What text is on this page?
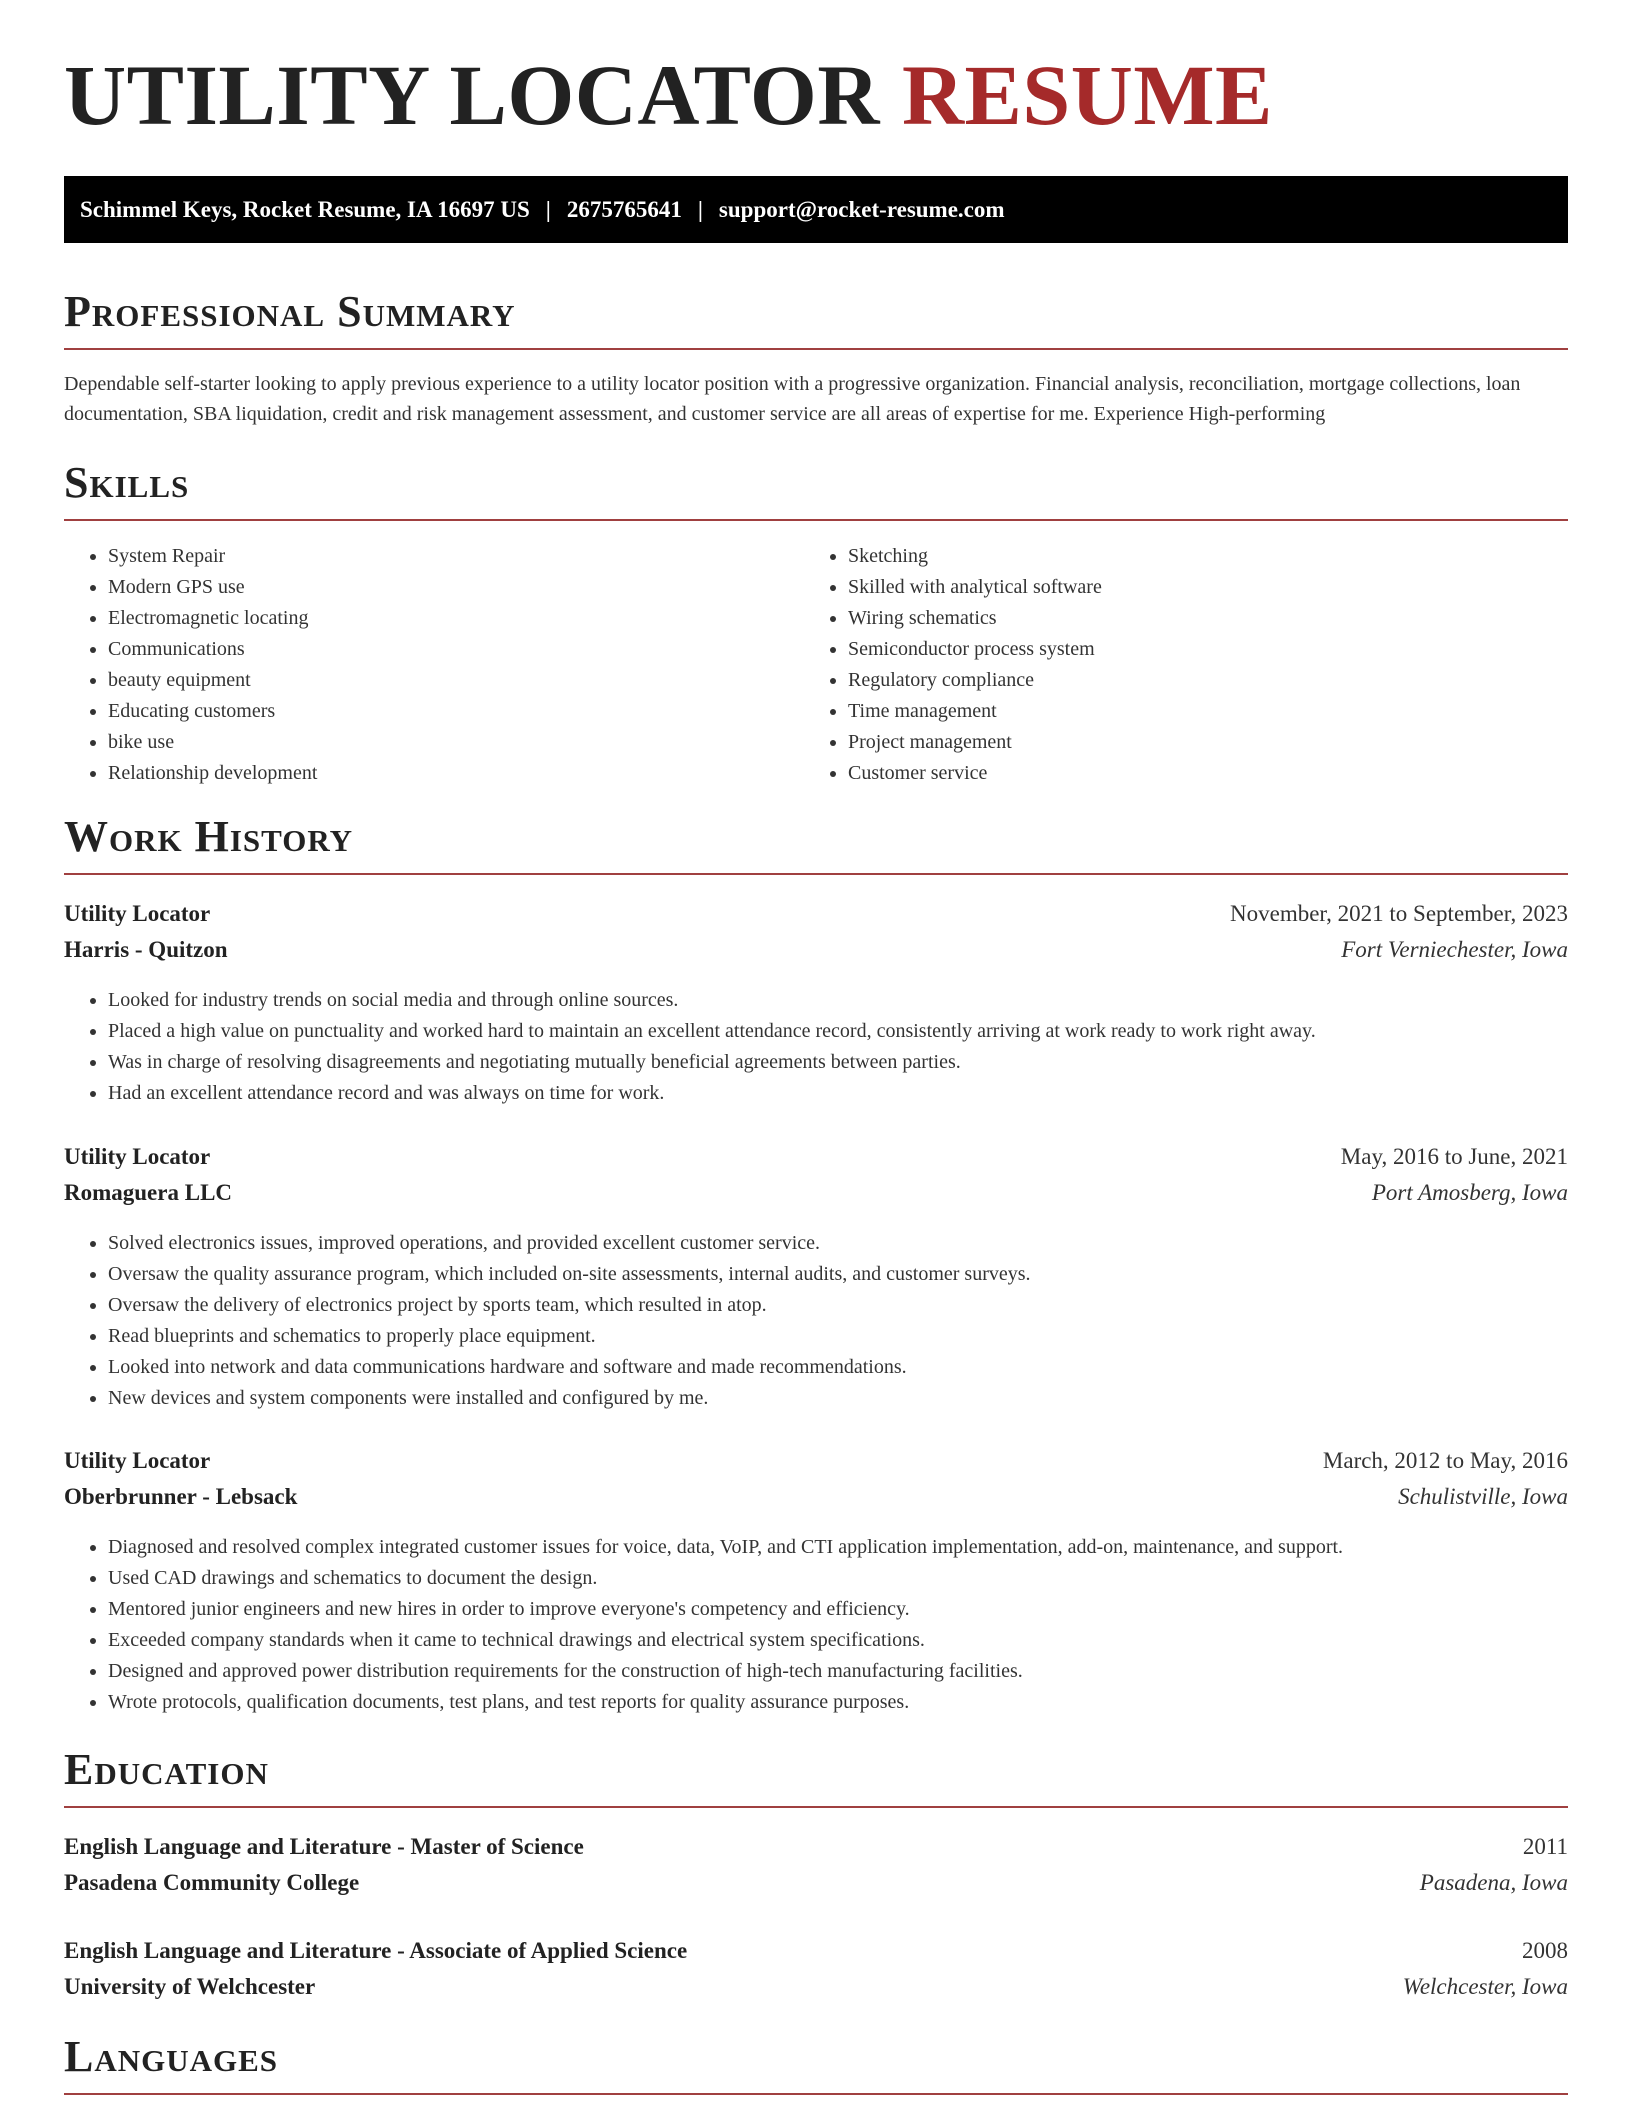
UTILITY LOCATOR RESUME
Schimmel Keys, Rocket Resume, IA 16697 US | 2675765641 | support@rocket-resume.com
Professional Summary

Dependable self-starter looking to apply previous experience to a utility locator position with a progressive organization. Financial analysis, reconciliation, mortgage collections, loan documentation, SBA liquidation, credit and risk management assessment, and customer service are all areas of expertise for me. Experience High-performing

Skills
• System Repair
• Modern GPS use
• Electromagnetic locating
• Communications
• beauty equipment
• Educating customers
• bike use
• Relationship development
• Sketching
• Skilled with analytical software
• Wiring schematics
• Semiconductor process system
• Regulatory compliance
• Time management
• Project management
• Customer service
Work History
Utility Locator	November, 2021 to September, 2023
Harris - Quitzon	Fort Verniechester, Iowa
• Looked for industry trends on social media and through online sources.
• Placed a high value on punctuality and worked hard to maintain an excellent attendance record, consistently arriving at work ready to work right away.
• Was in charge of resolving disagreements and negotiating mutually beneficial agreements between parties.
• Had an excellent attendance record and was always on time for work.
Utility Locator	May, 2016 to June, 2021
Romaguera LLC	Port Amosberg, Iowa
• Solved electronics issues, improved operations, and provided excellent customer service.
• Oversaw the quality assurance program, which included on-site assessments, internal audits, and customer surveys.
• Oversaw the delivery of electronics project by sports team, which resulted in atop.
• Read blueprints and schematics to properly place equipment.
• Looked into network and data communications hardware and software and made recommendations.
• New devices and system components were installed and configured by me.
Utility Locator	March, 2012 to May, 2016
Oberbrunner - Lebsack	Schulistville, Iowa
• Diagnosed and resolved complex integrated customer issues for voice, data, VoIP, and CTI application implementation, add-on, maintenance, and support.
• Used CAD drawings and schematics to document the design.
• Mentored junior engineers and new hires in order to improve everyone's competency and efficiency.
• Exceeded company standards when it came to technical drawings and electrical system specifications.
• Designed and approved power distribution requirements for the construction of high-tech manufacturing facilities.
• Wrote protocols, qualification documents, test plans, and test reports for quality assurance purposes.
Education
English Language and Literature - Master of Science	2011
Pasadena Community College	Pasadena, Iowa
English Language and Literature - Associate of Applied Science	2008
University of Welchcester	Welchcester, Iowa
Languages
